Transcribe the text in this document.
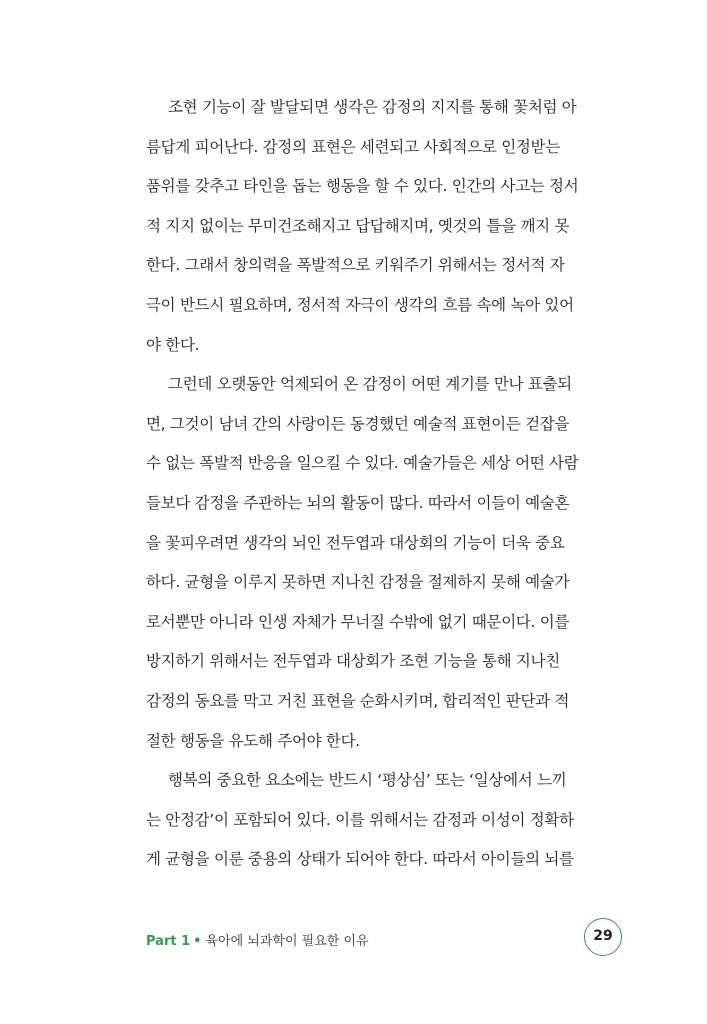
조현 기능이 잘 발달되면 생각은 감정의 지지를 통해 꽃처럼 아
름답게 피어난다. 감정의 표현은 세련되고 사회적으로 인정받는
품위를 갖추고 타인을 돕는 행동을 할 수 있다. 인간의 사고는 정서
적 지지 없이는 무미건조해지고 답답해지며, 옛것의 틀을 깨지 못
한다. 그래서 창의력을 폭발적으로 키워주기 위해서는 정서적 자
극이 반드시 필요하며, 정서적 자극이 생각의 흐름 속에 녹아 있어
야 한다.
그런데 오랫동안 억제되어 온 감정이 어떤 계기를 만나 표출되
면, 그것이 남녀 간의 사랑이든 동경했던 예술적 표현이든 걷잡을
수 없는 폭발적 반응을 일으킬 수 있다. 예술가들은 세상 어떤 사람
들보다 감정을 주관하는 뇌의 활동이 많다. 따라서 이들이 예술혼
을 꽃피우려면 생각의 뇌인 전두엽과 대상회의 기능이 더욱 중요
하다. 균형을 이루지 못하면 지나친 감정을 절제하지 못해 예술가
로서뿐만 아니라 인생 자체가 무너질 수밖에 없기 때문이다. 이를
방지하기 위해서는 전두엽과 대상회가 조현 기능을 통해 지나친
감정의 동요를 막고 거친 표현을 순화시키며, 합리적인 판단과 적
절한 행동을 유도해 주어야 한다.
행복의 중요한 요소에는 반드시 ‘평상심’ 또는 ‘일상에서 느끼
는 안정감’이 포함되어 있다. 이를 위해서는 감정과 이성이 정확하
게 균형을 이룬 중용의 상태가 되어야 한다. 따라서 아이들의 뇌를
Part 1 • 육아에 뇌과학이 필요한 이유	29
